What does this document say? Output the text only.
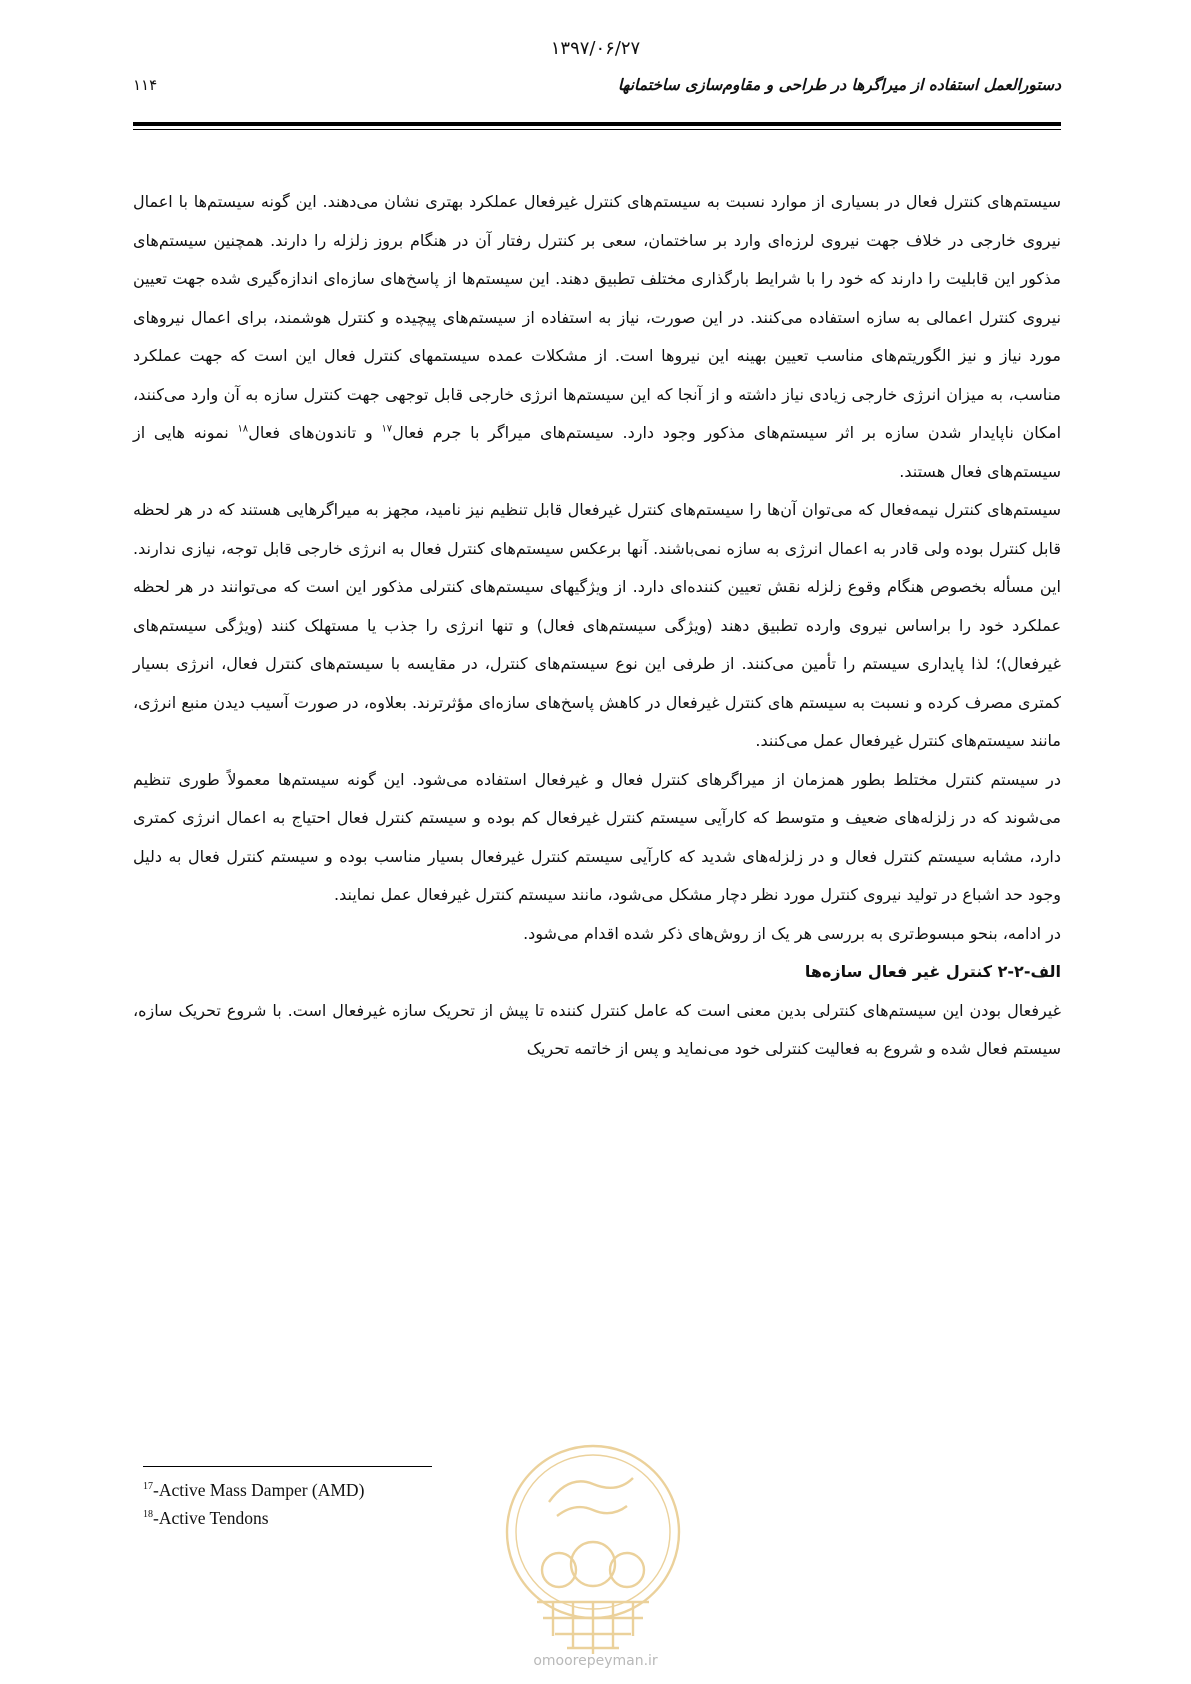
۱۳۹۷/۰۶/۲۷
دستورالعمل استفاده از میراگرها در طراحی و مقاوم‌سازی ساختمانها
۱۱۴

سیستم‌های کنترل فعال در بسیاری از موارد نسبت به سیستم‌های کنترل غیرفعال عملکرد بهتری نشان می‌دهند. این گونه سیستم‌ها با اعمال نیروی خارجی در خلاف جهت نیروی لرزه‌ای وارد بر ساختمان، سعی بر کنترل رفتار آن در هنگام بروز زلزله را دارند. همچنین سیستم‌های مذکور این قابلیت را دارند که خود را با شرایط بارگذاری مختلف تطبیق دهند. این سیستم‌ها از پاسخ‌های سازه‌ای اندازه‌گیری شده جهت تعیین نیروی کنترل اعمالی به سازه استفاده می‌کنند. در این صورت، نیاز به استفاده از سیستم‌های پیچیده و کنترل هوشمند، برای اعمال نیروهای مورد نیاز و نیز الگوریتم‌های مناسب تعیین بهینه این نیروها است. از مشکلات عمده سیستمهای کنترل فعال این است که جهت عملکرد مناسب، به میزان انرژی خارجی زیادی نیاز داشته و از آنجا که این سیستم‌ها انرژی خارجی قابل توجهی جهت کنترل سازه به آن وارد می‌کنند، امکان ناپایدار شدن سازه بر اثر سیستم‌های مذکور وجود دارد. سیستم‌های میراگر با جرم فعال$^{۱۷}$ و تاندون‌های فعال$^{۱۸}$ نمونه هایی از سیستم‌های فعال هستند.

سیستم‌های کنترل نیمه‌فعال که می‌توان آن‌ها را سیستم‌های کنترل غیرفعال قابل تنظیم نیز نامید، مجهز به میراگرهایی هستند که در هر لحظه قابل کنترل بوده ولی قادر به اعمال انرژی به سازه نمی‌باشند. آنها برعکس سیستم‌های کنترل فعال به انرژی خارجی قابل توجه، نیازی ندارند. این مسأله بخصوص هنگام وقوع زلزله نقش تعیین کننده‌ای دارد. از ویژگیهای سیستم‌های کنترلی مذکور این است که می‌توانند در هر لحظه عملکرد خود را براساس نیروی وارده تطبیق دهند (ویژگی سیستم‌های فعال) و تنها انرژی را جذب یا مستهلک کنند (ویژگی سیستم‌های غیرفعال)؛ لذا پایداری سیستم را تأمین می‌کنند. از طرفی این نوع سیستم‌های کنترل، در مقایسه با سیستم‌های کنترل فعال، انرژی بسیار کمتری مصرف کرده و نسبت به سیستم های کنترل غیرفعال در کاهش پاسخ‌های سازه‌ای مؤثرترند. بعلاوه، در صورت آسیب دیدن منبع انرژی، مانند سیستم‌های کنترل غیرفعال عمل می‌کنند.

در سیستم کنترل مختلط بطور همزمان از میراگرهای کنترل فعال و غیرفعال استفاده می‌شود. این گونه سیستم‌ها معمولاً طوری تنظیم می‌شوند که در زلزله‌های ضعیف و متوسط که کارآیی سیستم کنترل غیرفعال کم بوده و سیستم کنترل فعال احتیاج به اعمال انرژی کمتری دارد، مشابه سیستم کنترل فعال و در زلزله‌های شدید که کارآیی سیستم کنترل غیرفعال بسیار مناسب بوده و سیستم کنترل فعال به دلیل وجود حد اشباع در تولید نیروی کنترل مورد نظر دچار مشکل می‌شود، مانند سیستم کنترل غیرفعال عمل نمایند.

در ادامه، بنحو مبسوط‌تری به بررسی هر یک از روش‌های ذکر شده اقدام می‌شود.

الف-۲-۲ کنترل غیر فعال سازه‌ها

غیرفعال بودن این سیستم‌های کنترلی بدین معنی است که عامل کنترل کننده تا پیش از تحریک سازه غیرفعال است. با شروع تحریک سازه، سیستم فعال شده و شروع به فعالیت کنترلی خود می‌نماید و پس از خاتمه تحریک

$^{17}$-Active Mass Damper (AMD)

$^{18}$-Active Tendons

omoorepeyman.ir
